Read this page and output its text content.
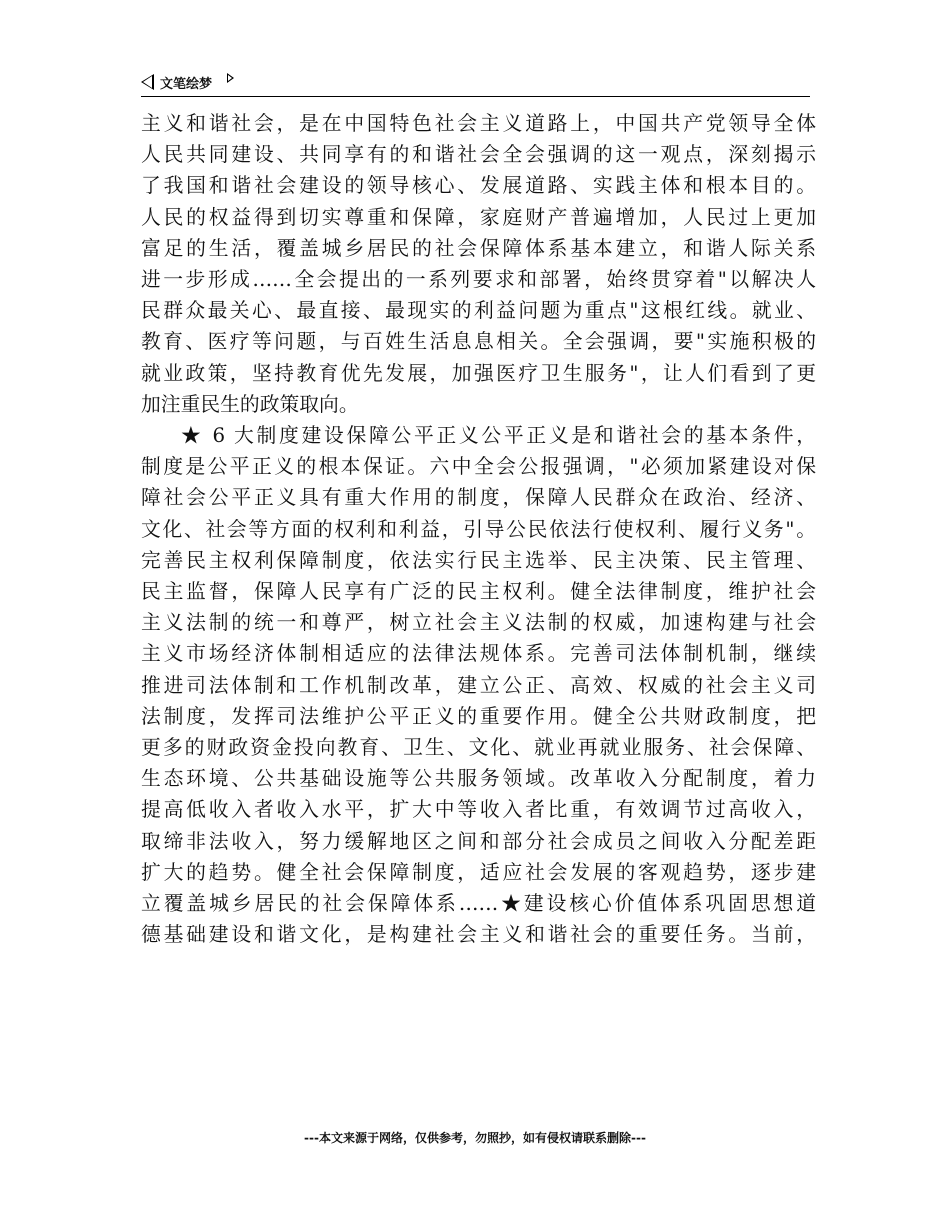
文笔绘梦

主义和谐社会，是在中国特色社会主义道路上，中国共产党领导全体
人民共同建设、共同享有的和谐社会全会强调的这一观点，深刻揭示
了我国和谐社会建设的领导核心、发展道路、实践主体和根本目的。
人民的权益得到切实尊重和保障，家庭财产普遍增加，人民过上更加
富足的生活，覆盖城乡居民的社会保障体系基本建立，和谐人际关系
进一步形成……全会提出的一系列要求和部署，始终贯穿着"以解决人
民群众最关心、最直接、最现实的利益问题为重点"这根红线。就业、
教育、医疗等问题，与百姓生活息息相关。全会强调，要"实施积极的
就业政策，坚持教育优先发展，加强医疗卫生服务"，让人们看到了更
加注重民生的政策取向。

★ 6 大制度建设保障公平正义公平正义是和谐社会的基本条件，
制度是公平正义的根本保证。六中全会公报强调，"必须加紧建设对保
障社会公平正义具有重大作用的制度，保障人民群众在政治、经济、
文化、社会等方面的权利和利益，引导公民依法行使权利、履行义务"。
完善民主权利保障制度，依法实行民主选举、民主决策、民主管理、
民主监督，保障人民享有广泛的民主权利。健全法律制度，维护社会
主义法制的统一和尊严，树立社会主义法制的权威，加速构建与社会
主义市场经济体制相适应的法律法规体系。完善司法体制机制，继续
推进司法体制和工作机制改革，建立公正、高效、权威的社会主义司
法制度，发挥司法维护公平正义的重要作用。健全公共财政制度，把
更多的财政资金投向教育、卫生、文化、就业再就业服务、社会保障、
生态环境、公共基础设施等公共服务领域。改革收入分配制度，着力
提高低收入者收入水平，扩大中等收入者比重，有效调节过高收入，
取缔非法收入，努力缓解地区之间和部分社会成员之间收入分配差距
扩大的趋势。健全社会保障制度，适应社会发展的客观趋势，逐步建
立覆盖城乡居民的社会保障体系……★建设核心价值体系巩固思想道
德基础建设和谐文化，是构建社会主义和谐社会的重要任务。当前，

---本文来源于网络，仅供参考，勿照抄，如有侵权请联系删除---
